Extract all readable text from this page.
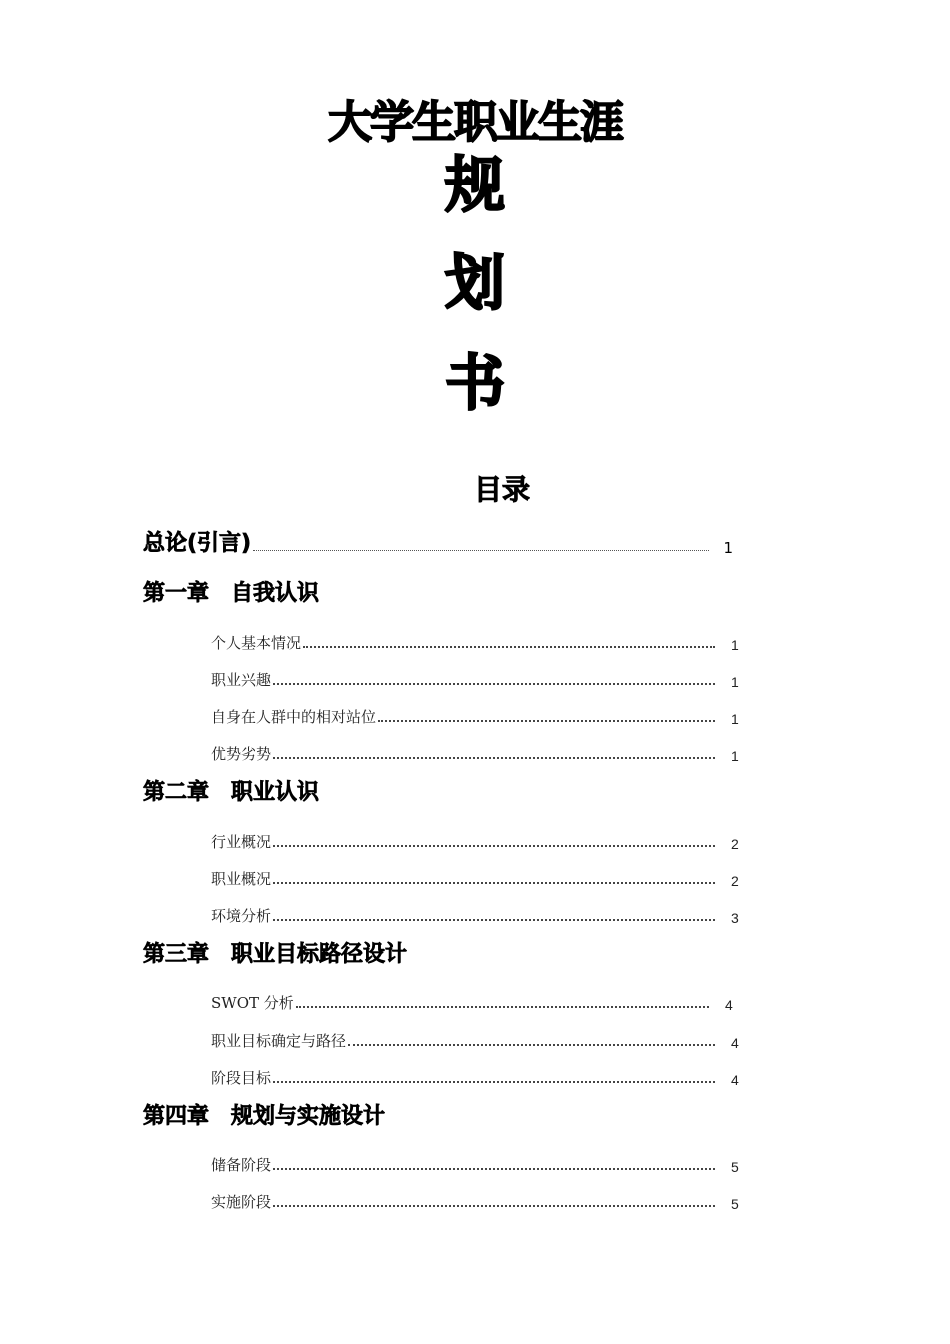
大学生职业生涯
规
划
书
目录
总论(引言)	1
第一章 自我认识
个人基本情况	1
职业兴趣	1
自身在人群中的相对站位	1
优势劣势	1
第二章 职业认识
行业概况	2
职业概况	2
环境分析	3
第三章 职业目标路径设计
SWOT 分析	4
职业目标确定与路径	4
阶段目标	4
第四章 规划与实施设计
储备阶段	5
实施阶段	5
